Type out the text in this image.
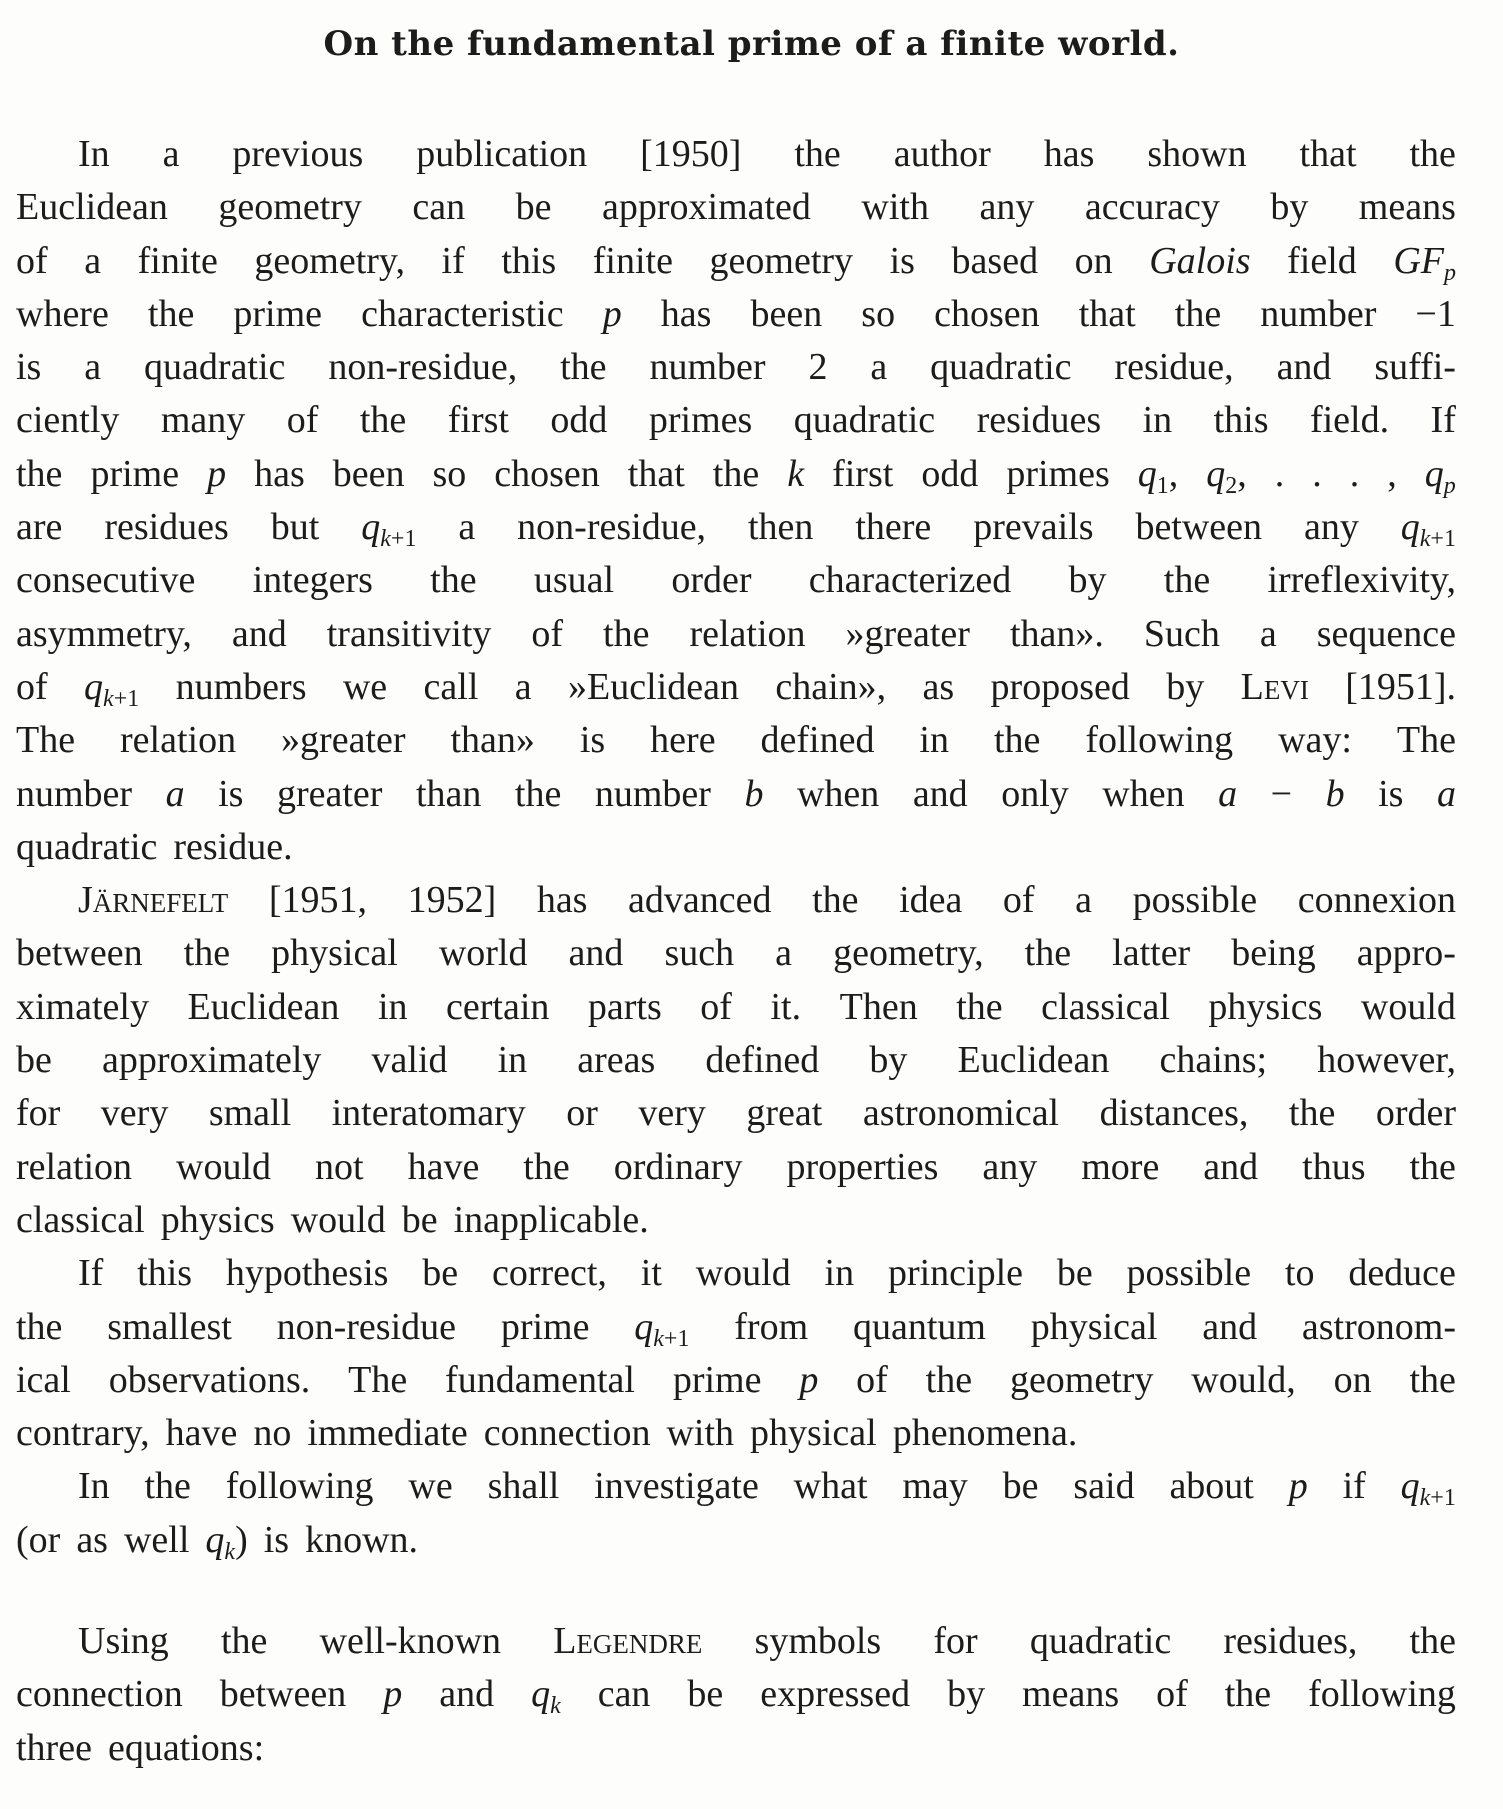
On the fundamental prime of a finite world.
In a previous publication [1950] the author has shown that the
Euclidean geometry can be approximated with any accuracy by means
of a finite geometry, if this finite geometry is based on Galois field $GF_p$
where the prime characteristic p has been so chosen that the number −1
is a quadratic non-residue, the number 2 a quadratic residue, and suffi-
ciently many of the first odd primes quadratic residues in this field. If
the prime p has been so chosen that the k first odd primes $q_1$, $q_2$, . . . , $q_p$
are residues but $q_{k+1}$ a non-residue, then there prevails between any $q_{k+1}$
consecutive integers the usual order characterized by the irreflexivity,
asymmetry, and transitivity of the relation »greater than». Such a sequence
of $q_{k+1}$ numbers we call a »Euclidean chain», as proposed by Levi [1951].
The relation »greater than» is here defined in the following way: The
number a is greater than the number b when and only when a − b is a
quadratic residue.
Järnefelt [1951, 1952] has advanced the idea of a possible connexion
between the physical world and such a geometry, the latter being appro-
ximately Euclidean in certain parts of it. Then the classical physics would
be approximately valid in areas defined by Euclidean chains; however,
for very small interatomary or very great astronomical distances, the order
relation would not have the ordinary properties any more and thus the
classical physics would be inapplicable.
If this hypothesis be correct, it would in principle be possible to deduce
the smallest non-residue prime $q_{k+1}$ from quantum physical and astronom-
ical observations. The fundamental prime p of the geometry would, on the
contrary, have no immediate connection with physical phenomena.
In the following we shall investigate what may be said about p if $q_{k+1}$
(or as well $q_k$) is known.
Using the well-known Legendre symbols for quadratic residues, the
connection between p and $q_k$ can be expressed by means of the following
three equations:
